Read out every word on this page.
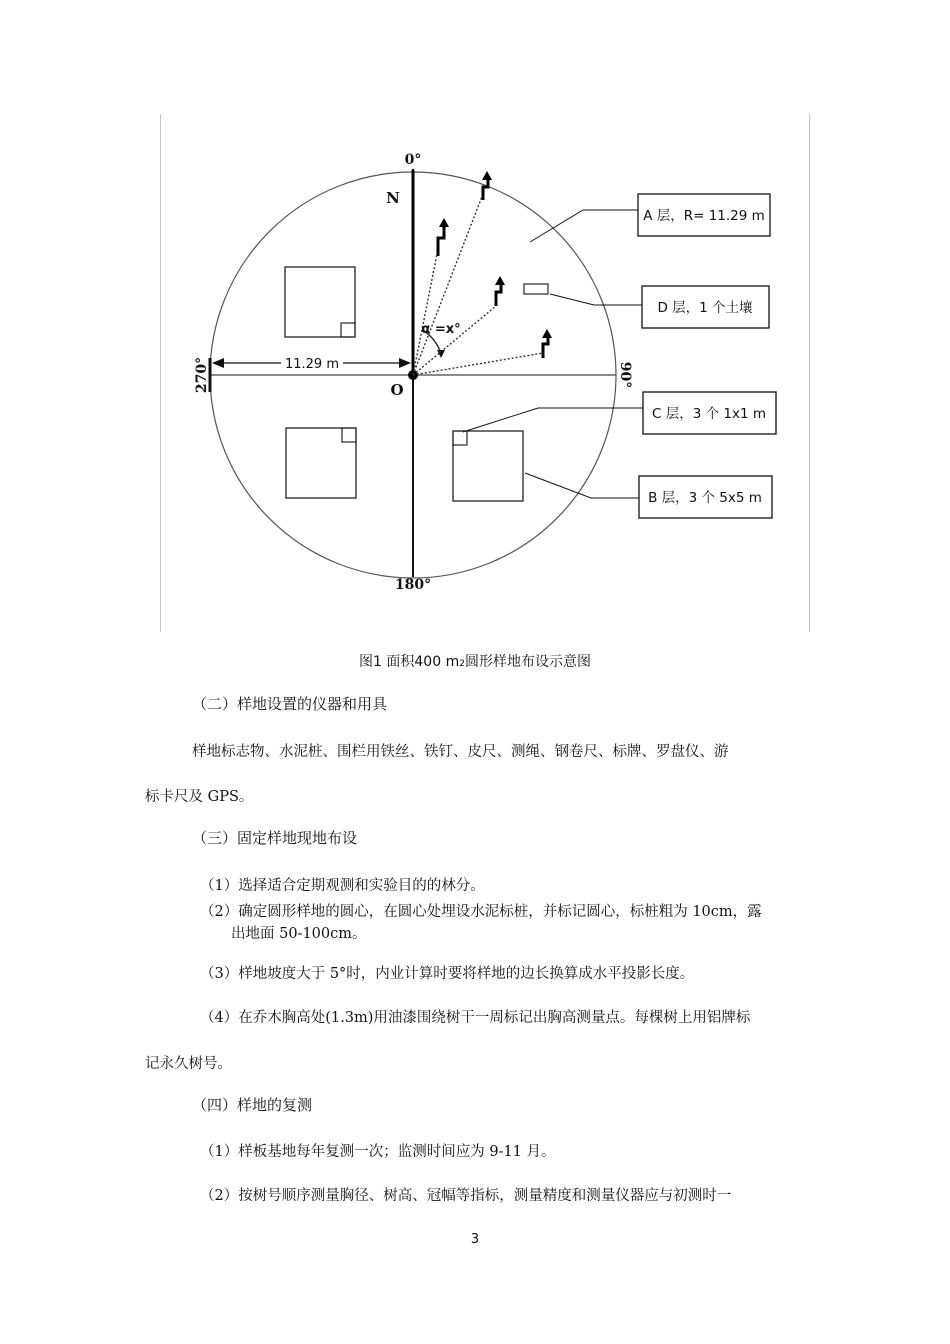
A 层，R= 11.29 m
D 层，1 个土壤
C 层，3 个 1x1 m
B 层，3 个 5x5 m
0°
180°
270°	90°
N
O
11.29 m
α =x°
图1 面积400 m2圆形样地布设示意图
（二）样地设置的仪器和用具
样地标志物、水泥桩、围栏用铁丝、铁钉、皮尺、测绳、钢卷尺、标牌、罗盘仪、游
标卡尺及 GPS。
（三）固定样地现地布设
（1）选择适合定期观测和实验目的的林分。
（2）确定圆形样地的圆心，在圆心处埋设水泥标桩，并标记圆心，标桩粗为 10cm，露
出地面 50-100cm。
（3）样地坡度大于 5°时，内业计算时要将样地的边长换算成水平投影长度。
（4）在乔木胸高处(1.3m)用油漆围绕树干一周标记出胸高测量点。每棵树上用铝牌标
记永久树号。
（四）样地的复测
（1）样板基地每年复测一次；监测时间应为 9-11 月。
（2）按树号顺序测量胸径、树高、冠幅等指标，测量精度和测量仪器应与初测时一
3
